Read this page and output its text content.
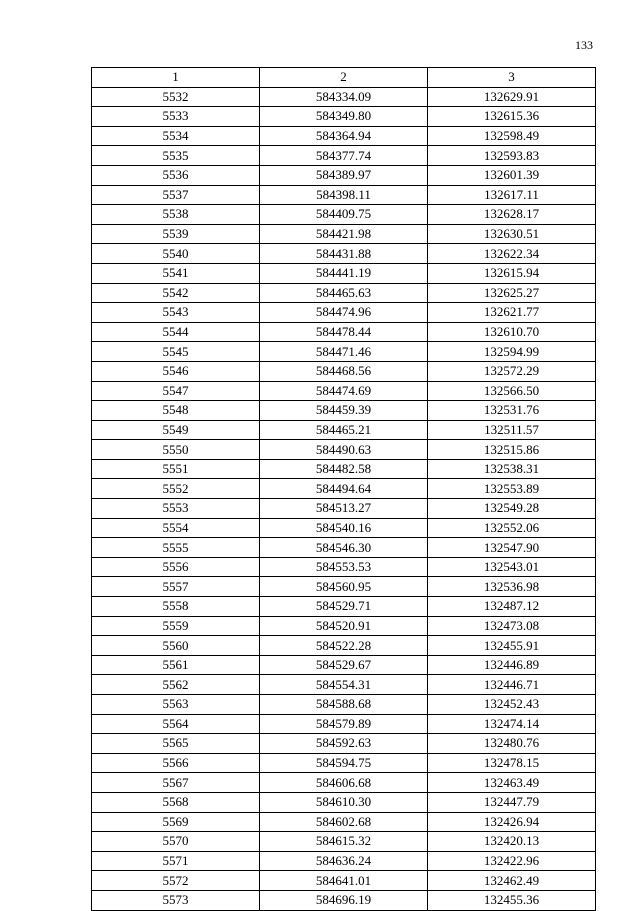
133
1	2	3
5532	584334.09	132629.91
5533	584349.80	132615.36
5534	584364.94	132598.49
5535	584377.74	132593.83
5536	584389.97	132601.39
5537	584398.11	132617.11
5538	584409.75	132628.17
5539	584421.98	132630.51
5540	584431.88	132622.34
5541	584441.19	132615.94
5542	584465.63	132625.27
5543	584474.96	132621.77
5544	584478.44	132610.70
5545	584471.46	132594.99
5546	584468.56	132572.29
5547	584474.69	132566.50
5548	584459.39	132531.76
5549	584465.21	132511.57
5550	584490.63	132515.86
5551	584482.58	132538.31
5552	584494.64	132553.89
5553	584513.27	132549.28
5554	584540.16	132552.06
5555	584546.30	132547.90
5556	584553.53	132543.01
5557	584560.95	132536.98
5558	584529.71	132487.12
5559	584520.91	132473.08
5560	584522.28	132455.91
5561	584529.67	132446.89
5562	584554.31	132446.71
5563	584588.68	132452.43
5564	584579.89	132474.14
5565	584592.63	132480.76
5566	584594.75	132478.15
5567	584606.68	132463.49
5568	584610.30	132447.79
5569	584602.68	132426.94
5570	584615.32	132420.13
5571	584636.24	132422.96
5572	584641.01	132462.49
5573	584696.19	132455.36
